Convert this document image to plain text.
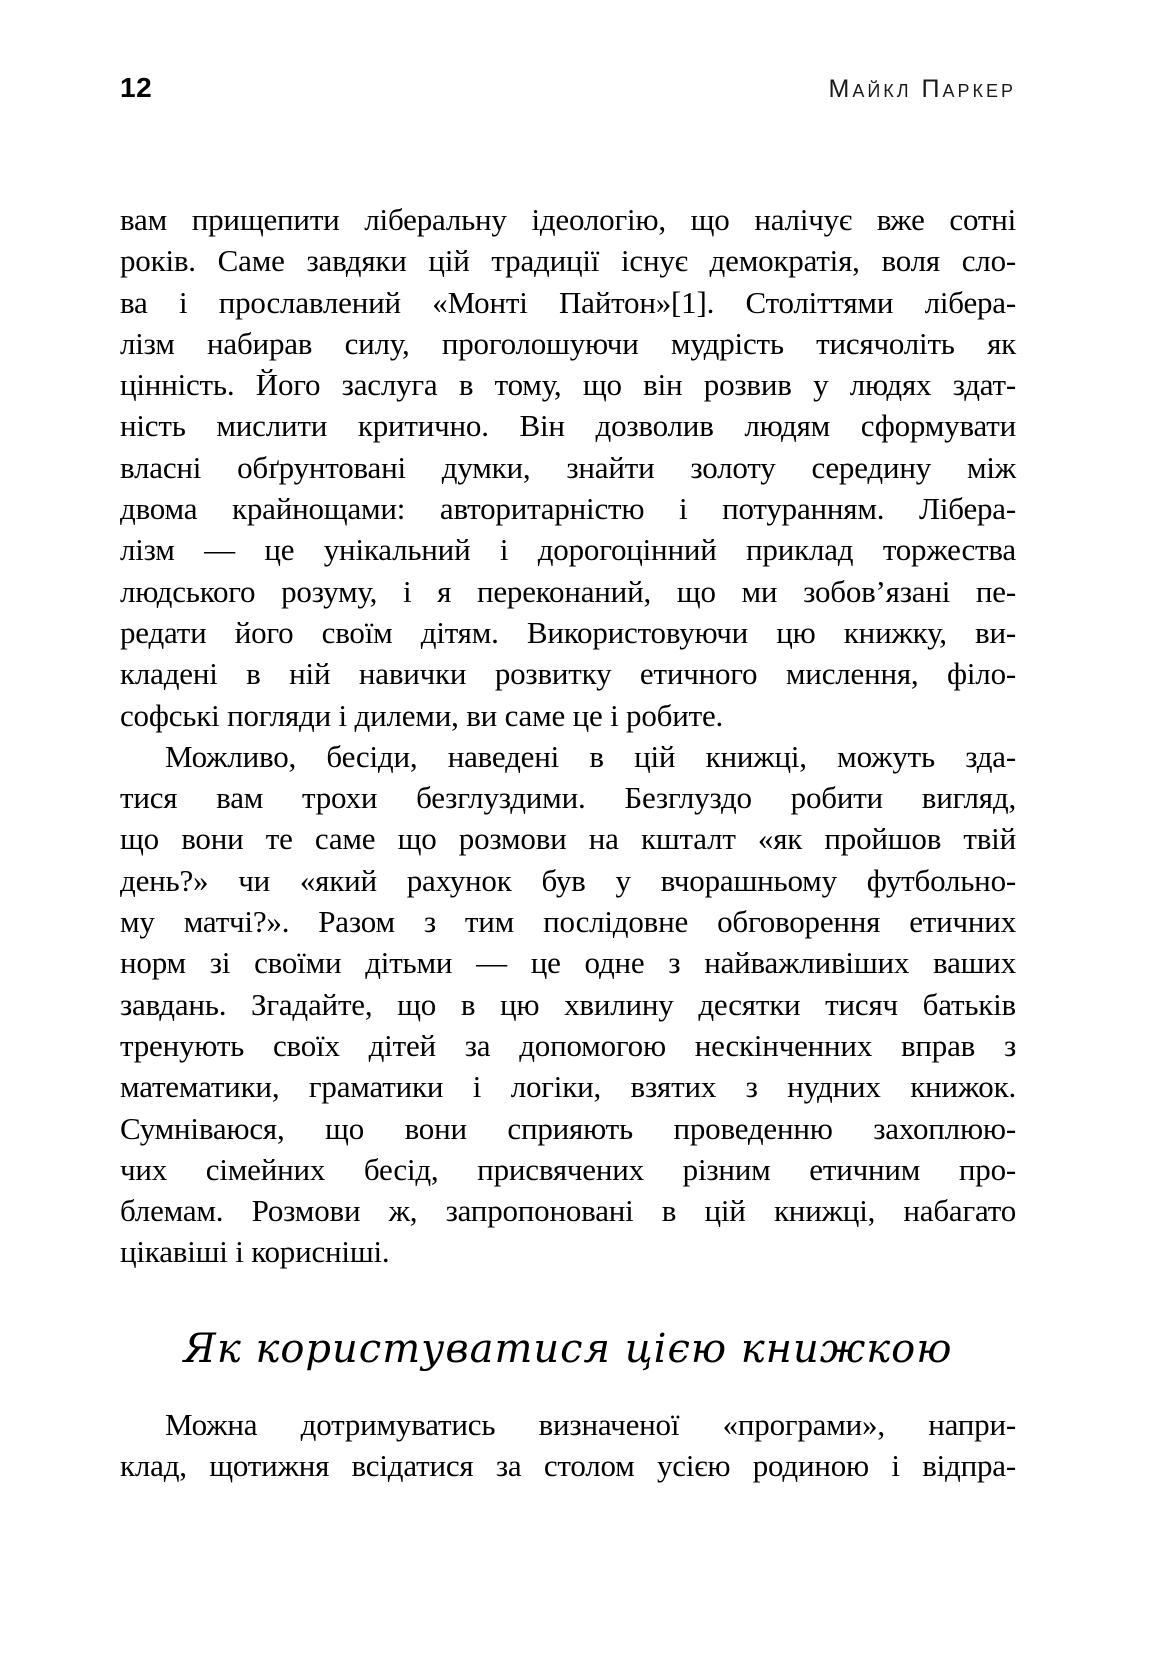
12	Майкл Паркер
вам прищепити ліберальну ідеологію, що налічує вже сотні
років. Саме завдяки цій традиції існує демократія, воля сло-
ва і прославлений «Монті Пайтон»[1]. Століттями лібера-
лізм набирав силу, проголошуючи мудрість тисячоліть як
цінність. Його заслуга в тому, що він розвив у людях здат-
ність мислити критично. Він дозволив людям сформувати
власні обґрунтовані думки, знайти золоту середину між
двома крайнощами: авторитарністю і потуранням. Лібера-
лізм — це унікальний і дорогоцінний приклад торжества
людського розуму, і я переконаний, що ми зобов’язані пе-
редати його своїм дітям. Використовуючи цю книжку, ви-
кладені в ній навички розвитку етичного мислення, філо-
софські погляди і дилеми, ви саме це і робите.
Можливо, бесіди, наведені в цій книжці, можуть зда-
тися вам трохи безглуздими. Безглуздо робити вигляд,
що вони те саме що розмови на кшталт «як пройшов твій
день?» чи «який рахунок був у вчорашньому футбольно-
му матчі?». Разом з тим послідовне обговорення етичних
норм зі своїми дітьми — це одне з найважливіших ваших
завдань. Згадайте, що в цю хвилину десятки тисяч батьків
тренують своїх дітей за допомогою нескінченних вправ з
математики, граматики і логіки, взятих з нудних книжок.
Сумніваюся, що вони сприяють проведенню захоплюю-
чих сімейних бесід, присвячених різним етичним про-
блемам. Розмови ж, запропоновані в цій книжці, набагато
цікавіші і корисніші.
Як користуватися цією книжкою
Можна дотримуватись визначеної «програми», напри-
клад, щотижня всідатися за столом усією родиною і відпра-
